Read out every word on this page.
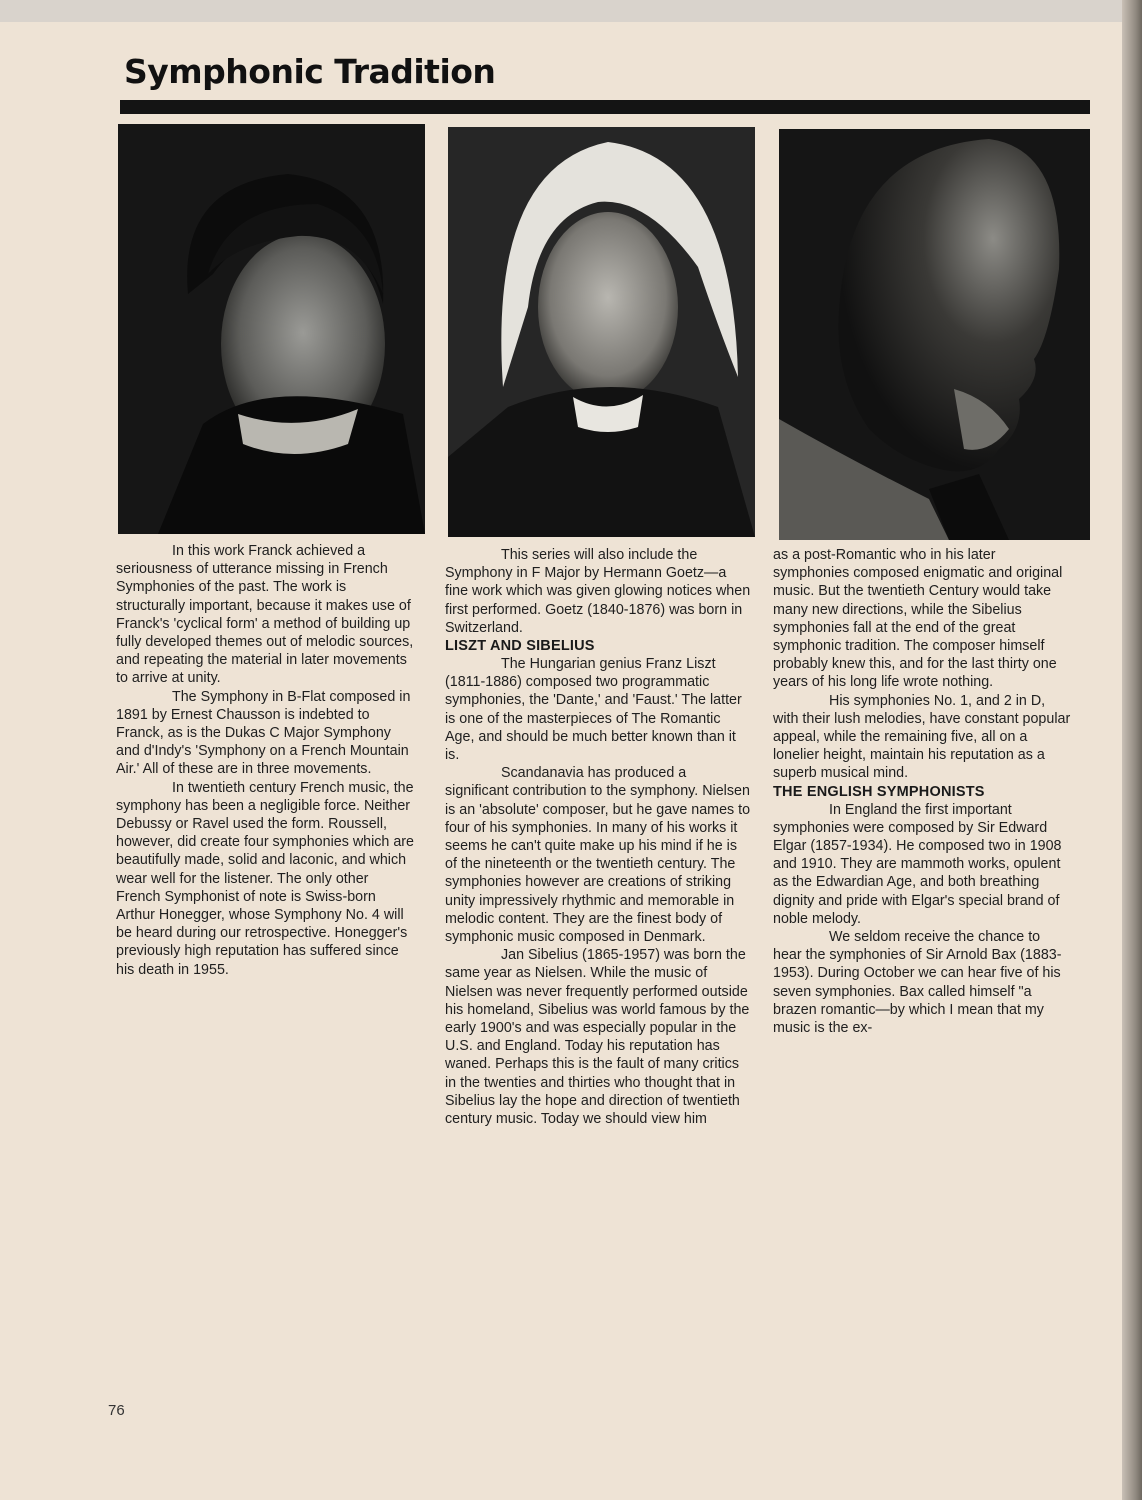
Symphonic Tradition

In this work Franck achieved a seriousness of utterance missing in French Symphonies of the past. The work is structurally important, because it makes use of Franck's 'cyclical form' a method of building up fully developed themes out of melodic sources, and repeating the material in later movements to arrive at unity.

The Symphony in B-Flat composed in 1891 by Ernest Chausson is indebted to Franck, as is the Dukas C Major Symphony and d'Indy's 'Symphony on a French Mountain Air.' All of these are in three movements.

In twentieth century French music, the symphony has been a negligible force. Neither Debussy or Ravel used the form. Roussell, however, did create four symphonies which are beautifully made, solid and laconic, and which wear well for the listener. The only other French Symphonist of note is Swiss-born Arthur Honegger, whose Symphony No. 4 will be heard during our retrospective. Honegger's previously high reputation has suffered since his death in 1955.

This series will also include the Symphony in F Major by Hermann Goetz—a fine work which was given glowing notices when first performed. Goetz (1840-1876) was born in Switzerland.

LISZT AND SIBELIUS

The Hungarian genius Franz Liszt (1811-1886) composed two programmatic symphonies, the 'Dante,' and 'Faust.' The latter is one of the masterpieces of The Romantic Age, and should be much better known than it is.

Scandanavia has produced a significant contribution to the symphony. Nielsen is an 'absolute' composer, but he gave names to four of his symphonies. In many of his works it seems he can't quite make up his mind if he is of the nineteenth or the twentieth century. The symphonies however are creations of striking unity impressively rhythmic and memorable in melodic content. They are the finest body of symphonic music composed in Denmark.

Jan Sibelius (1865-1957) was born the same year as Nielsen. While the music of Nielsen was never frequently performed outside his homeland, Sibelius was world famous by the early 1900's and was especially popular in the U.S. and England. Today his reputation has waned. Perhaps this is the fault of many critics in the twenties and thirties who thought that in Sibelius lay the hope and direction of twentieth century music. Today we should view him

as a post-Romantic who in his later symphonies composed enigmatic and original music. But the twentieth Century would take many new directions, while the Sibelius symphonies fall at the end of the great symphonic tradition. The composer himself probably knew this, and for the last thirty one years of his long life wrote nothing.

His symphonies No. 1, and 2 in D, with their lush melodies, have constant popular appeal, while the remaining five, all on a lonelier height, maintain his reputation as a superb musical mind.

THE ENGLISH SYMPHONISTS

In England the first important symphonies were composed by Sir Edward Elgar (1857-1934). He composed two in 1908 and 1910. They are mammoth works, opulent as the Edwardian Age, and both breathing dignity and pride with Elgar's special brand of noble melody.

We seldom receive the chance to hear the symphonies of Sir Arnold Bax (1883-1953). During October we can hear five of his seven symphonies. Bax called himself "a brazen romantic—by which I mean that my music is the ex-

76
